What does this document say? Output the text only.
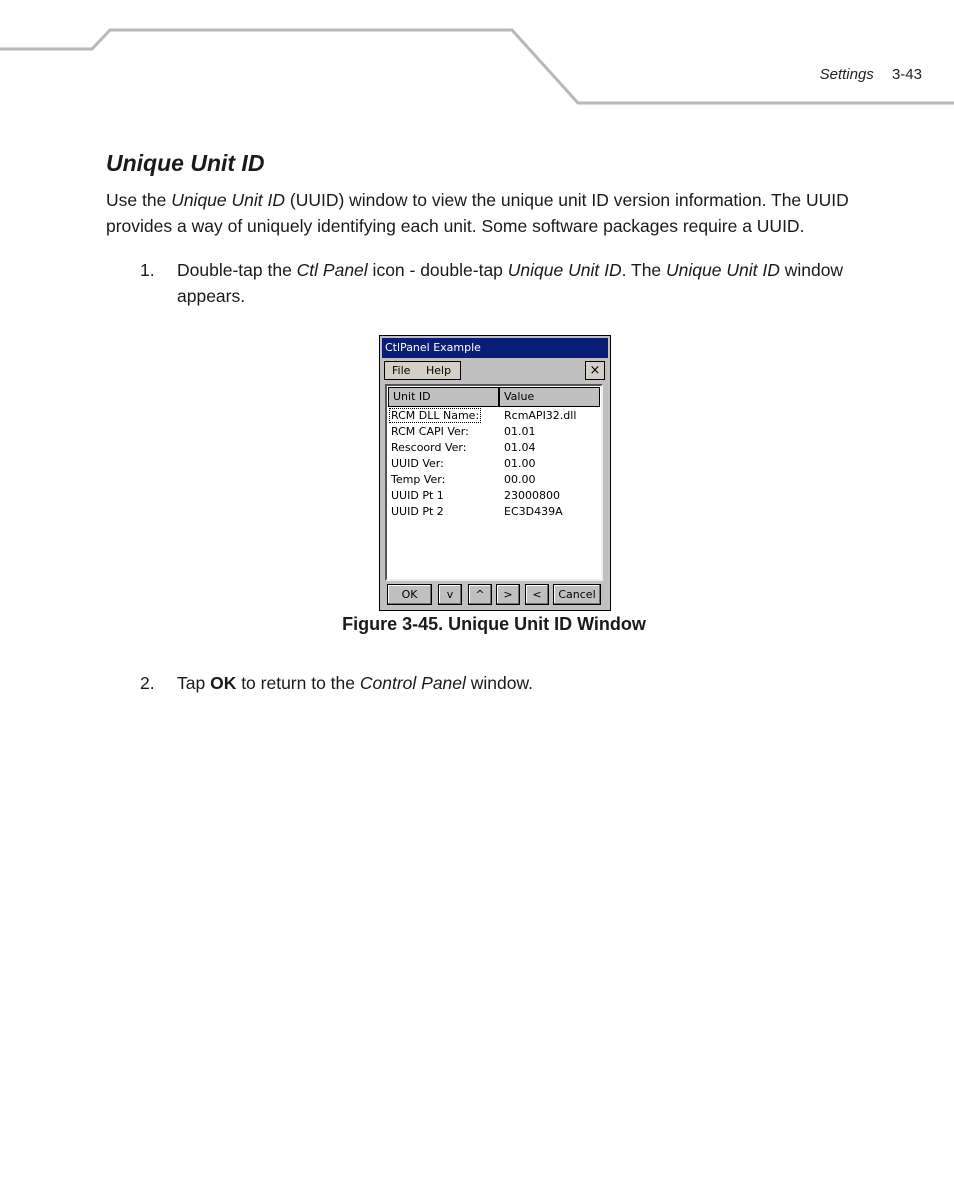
Settings 3-43
Unique Unit ID

Use the Unique Unit ID (UUID) window to view the unique unit ID version information. The UUID provides a way of uniquely identifying each unit. Some software packages require a UUID.

1.	Double-tap the Ctl Panel icon - double-tap Unique Unit ID. The Unique Unit ID window appears.

CtlPanel Example
File Help	×
Unit ID	Value
RCM DLL Name: RcmAPI32.dll
RCM CAPI Ver:	01.01
Rescoord Ver:	01.04
UUID Ver:	01.00
Temp Ver:	00.00
UUID Pt 1	23000800
UUID Pt 2	EC3D439A
OK	v	^	>	<	Cancel

Figure 3-45. Unique Unit ID Window

2.	Tap OK to return to the Control Panel window.
